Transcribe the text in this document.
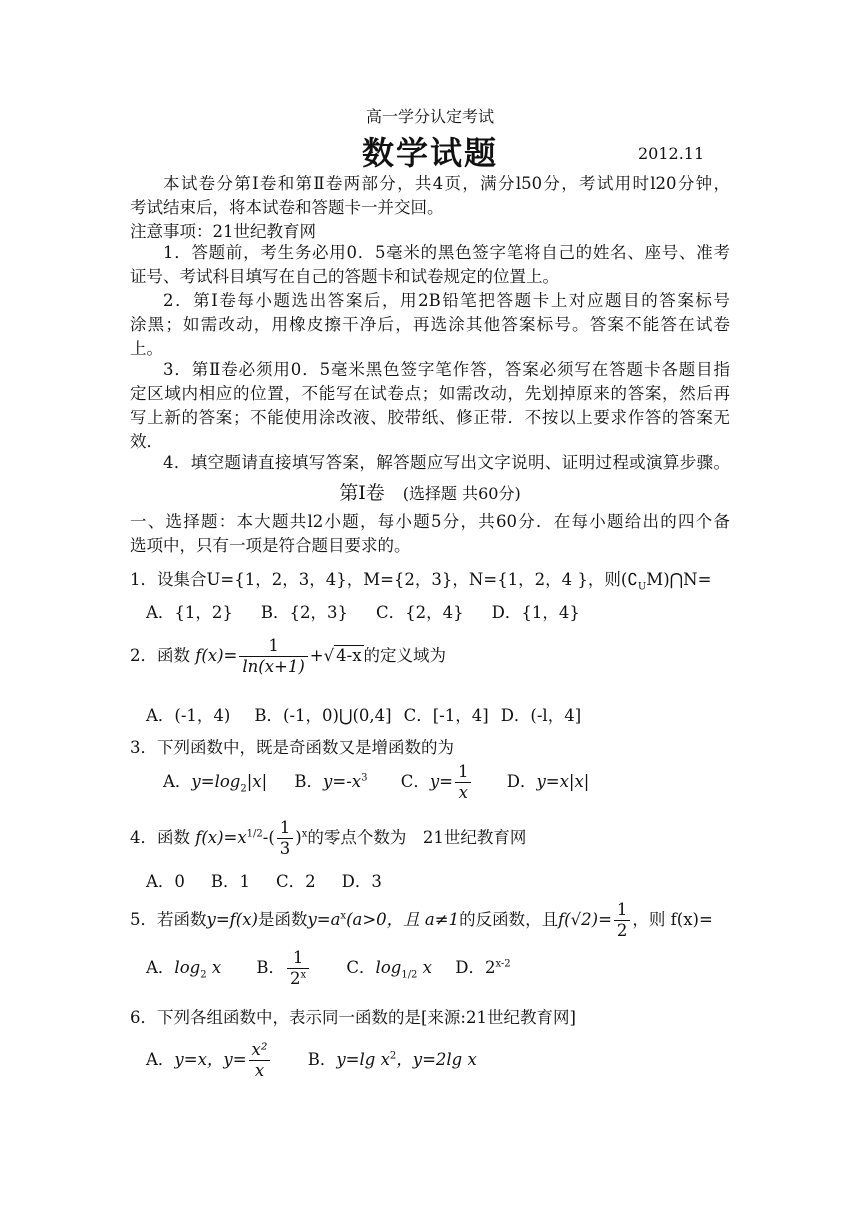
高一学分认定考试
数学试题	2012.11
本试卷分第Ⅰ卷和第Ⅱ卷两部分，共4页，满分l50分，考试用时l20分钟，
考试结束后，将本试卷和答题卡一并交回。
注意事项：21世纪教育网
1．答题前，考生务必用0．5毫米的黑色签字笔将自己的姓名、座号、准考
证号、考试科目填写在自己的答题卡和试卷规定的位置上。
2．第Ⅰ卷每小题选出答案后，用2B铅笔把答题卡上对应题目的答案标号
涂黑；如需改动，用橡皮擦干净后，再选涂其他答案标号。答案不能答在试卷
上。
3．第Ⅱ卷必须用0．5毫米黑色签字笔作答，答案必须写在答题卡各题目指
定区域内相应的位置，不能写在试卷点；如需改动，先划掉原来的答案，然后再
写上新的答案；不能使用涂改液、胶带纸、修正带．不按以上要求作答的答案无
效．
4．填空题请直接填写答案，解答题应写出文字说明、证明过程或演算步骤。
第Ⅰ卷 (选择题 共60分)
一、选择题：本大题共l2小题，每小题5分，共60分．在每小题给出的四个备
选项中，只有一项是符合题目要求的。
1．设集合U={1，2，3，4}，M={2，3}，N={1，2，4 }，则$(∁_UM)⋂N=$
A．{1，2} B．{2，3} C．{2，4} D．{1，4}
2．函数 $f(x)= \frac{1}{\ln(x+1)}$ +√ 4-x 的定义域为
A．(-1，4) B．(-1，0)⋃(0,4] C．[-1，4] D．(-l，4]
3．下列函数中，既是奇函数又是增函数的为
A．$y=\log_2|x|$ B．$y=-x^3$ C．$y= \frac{1}{x}$ D．y=x|x|
4．函数 $f(x)=x^{1/2}-( \frac{1}{3} )^x$的零点个数为　21世纪教育网
A．0 B．1 C．2 D．3
5．若函数y=f(x)是函数$y=a^x(a>0$，且 a≠1的反函数，且$f(√2)= \frac{1}{2}$ ，则 f(x)=
A．$\log_2 x$ B． $\frac{1}{2^x}$ C．$\log_{1/2} x$ D．2$^{x-2}$
6．下列各组函数中，表示同一函数的是[来源:21世纪教育网]
A．y=x，$y= \frac{\text{x²}}{x}$ B．y=lg $x^2$，y=2lg x
